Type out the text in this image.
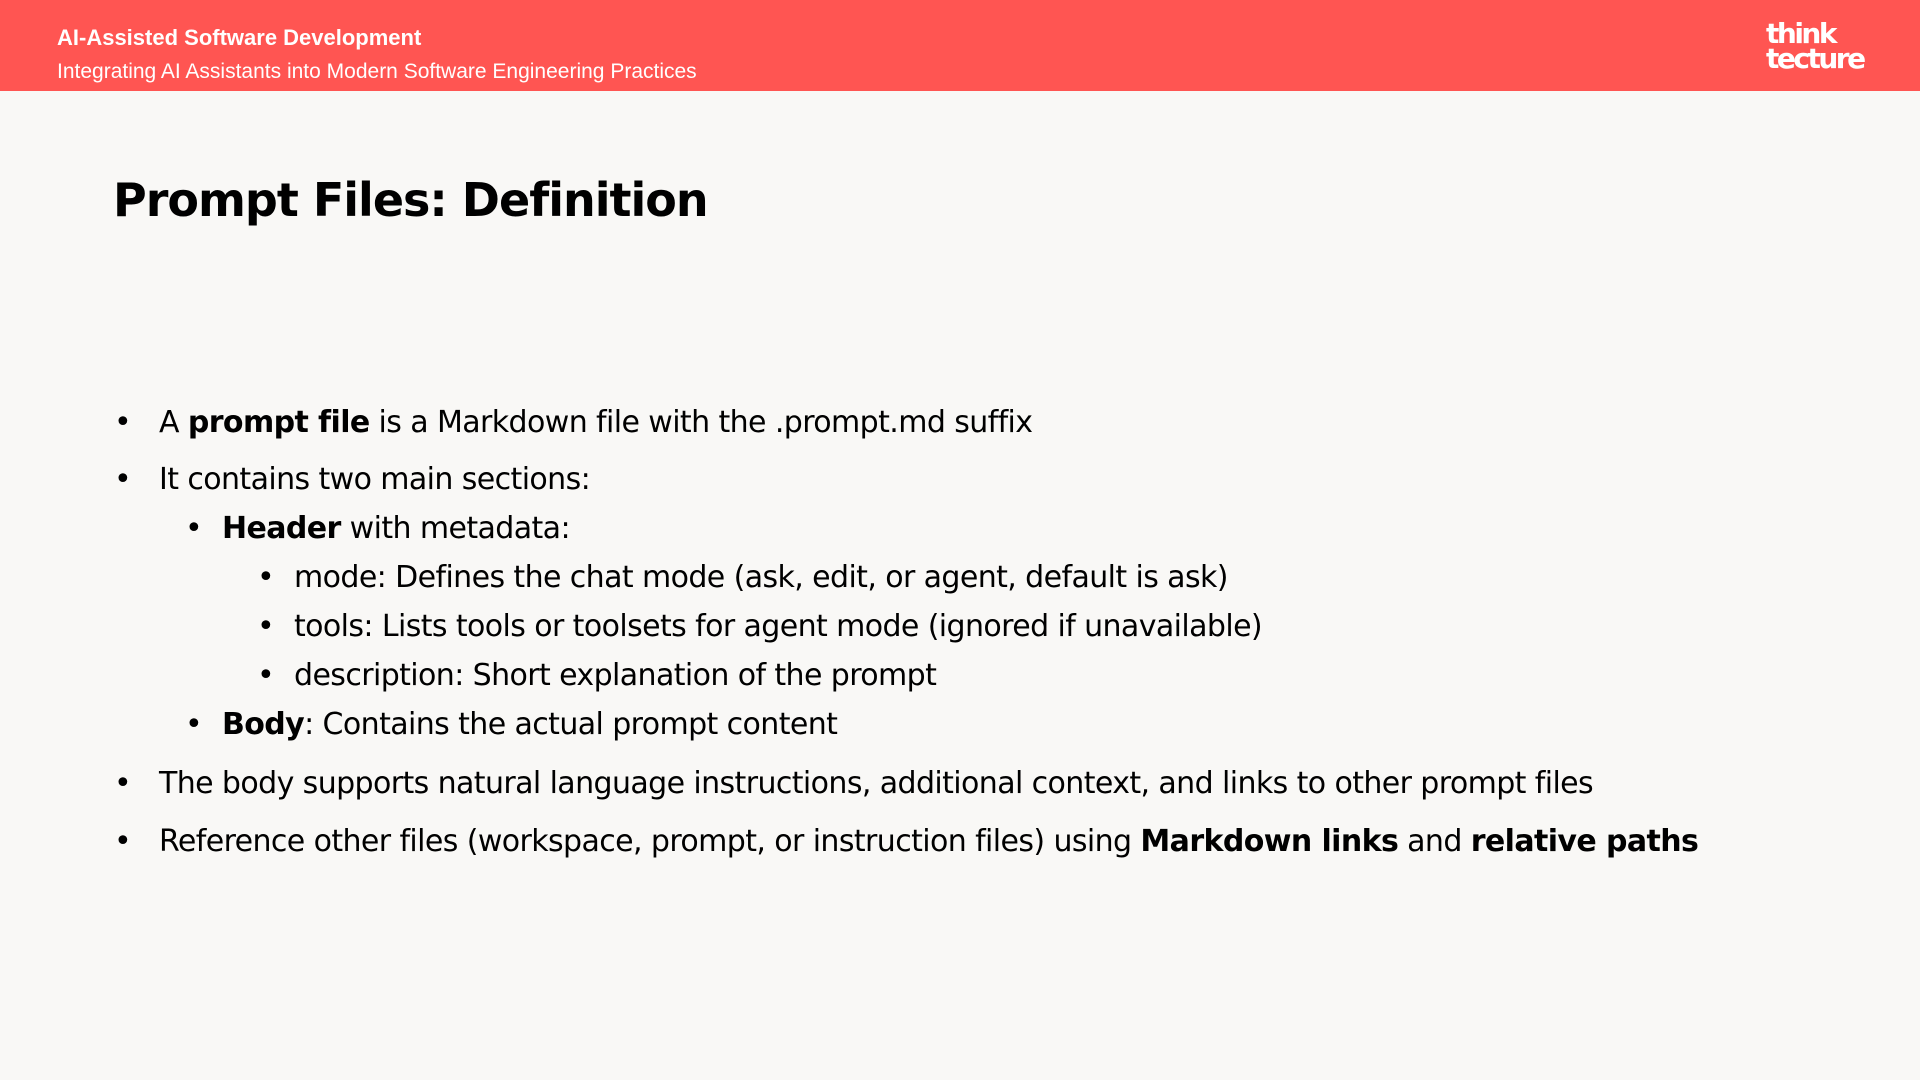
AI-Assisted Software Development
Integrating AI Assistants into Modern Software Engineering Practices
think
tecture
Prompt Files: Definition
• A prompt file is a Markdown file with the .prompt.md suffix
• It contains two main sections:
• Header with metadata:
• mode: Defines the chat mode (ask, edit, or agent, default is ask)
• tools: Lists tools or toolsets for agent mode (ignored if unavailable)
• description: Short explanation of the prompt
• Body: Contains the actual prompt content
• The body supports natural language instructions, additional context, and links to other prompt files
• Reference other files (workspace, prompt, or instruction files) using Markdown links and relative paths
